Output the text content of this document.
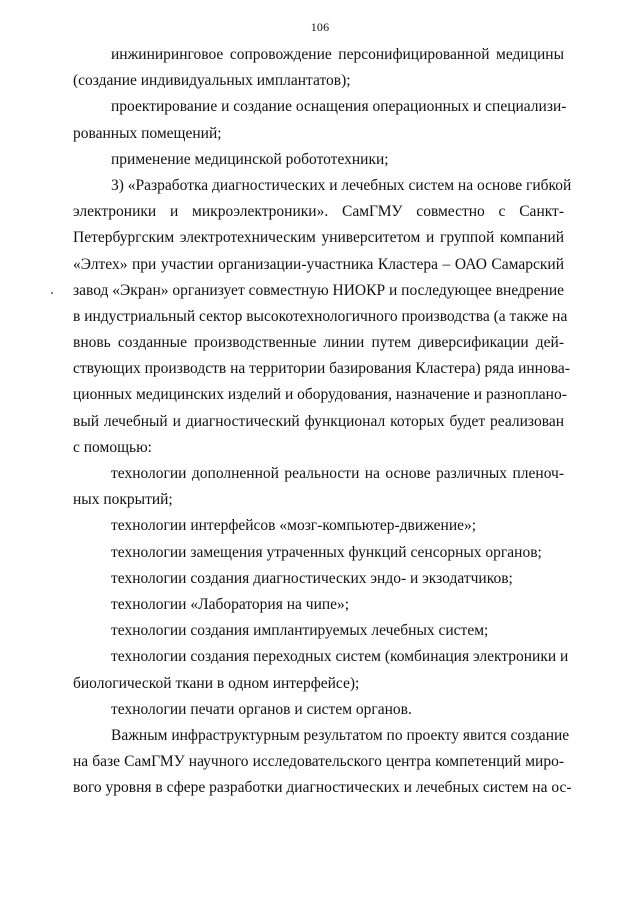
106
инжиниринговое сопровождение персонифицированной медицины
(создание индивидуальных имплантатов);
проектирование и создание оснащения операционных и специализи-
рованных помещений;
применение медицинской робототехники;
3) «Разработка диагностических и лечебных систем на основе гибкой
электроники и микроэлектроники». СамГМУ совместно с Санкт-
Петербургским электротехническим университетом и группой компаний
«Элтех» при участии организации-участника Кластера – ОАО Самарский
завод «Экран» организует совместную НИОКР и последующее внедрение
в индустриальный сектор высокотехнологичного производства (а также на
вновь созданные производственные линии путем диверсификации дей-
ствующих производств на территории базирования Кластера) ряда иннова-
ционных медицинских изделий и оборудования, назначение и разноплано-
вый лечебный и диагностический функционал которых будет реализован
с помощью:
технологии дополненной реальности на основе различных пленоч-
ных покрытий;
технологии интерфейсов «мозг-компьютер-движение»;
технологии замещения утраченных функций сенсорных органов;
технологии создания диагностических эндо- и экзодатчиков;
технологии «Лаборатория на чипе»;
технологии создания имплантируемых лечебных систем;
технологии создания переходных систем (комбинация электроники и
биологической ткани в одном интерфейсе);
технологии печати органов и систем органов.
Важным инфраструктурным результатом по проекту явится создание
на базе СамГМУ научного исследовательского центра компетенций миро-
вого уровня в сфере разработки диагностических и лечебных систем на ос-
